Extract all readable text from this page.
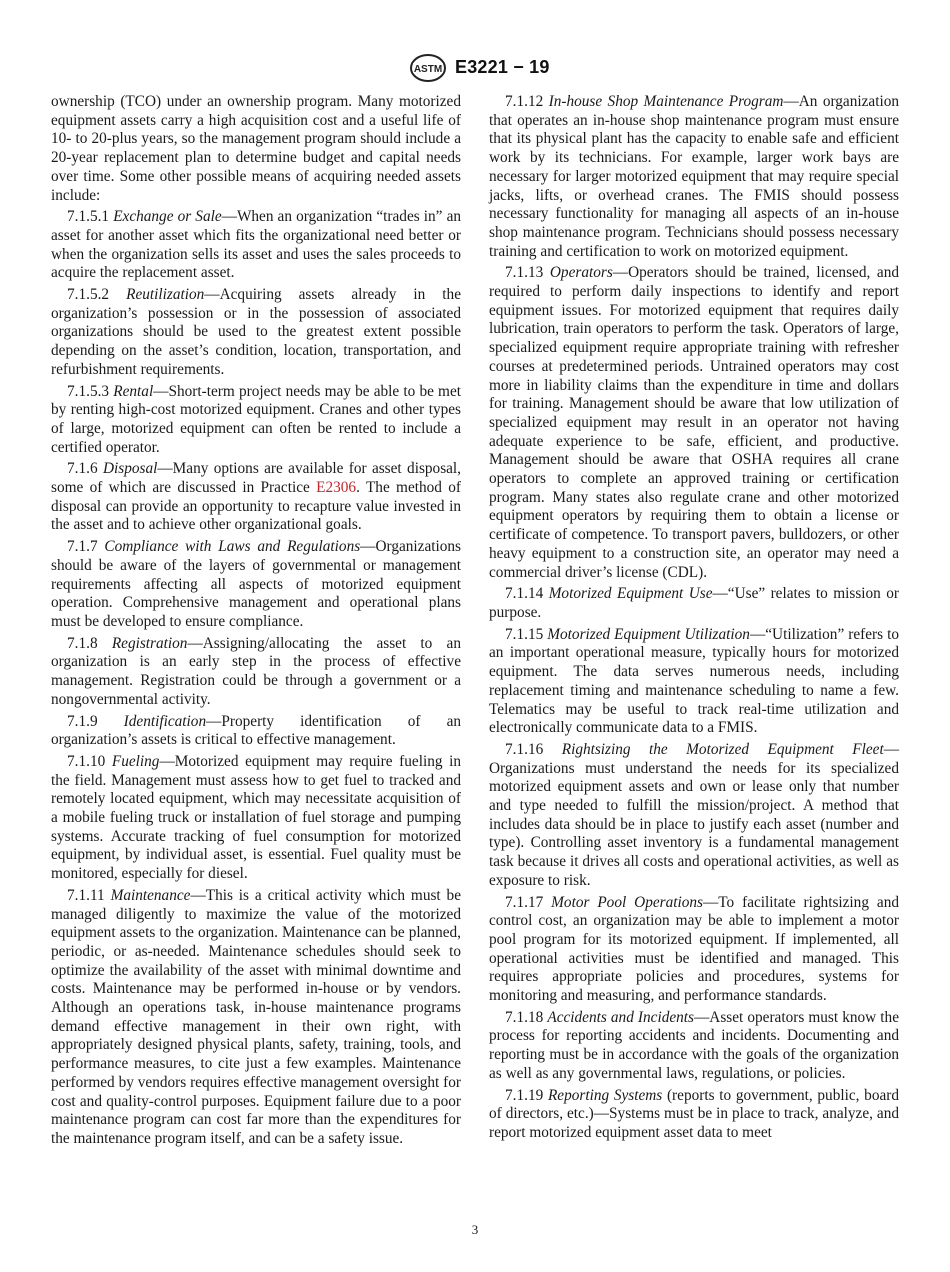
ASTM E3221 − 19

ownership (TCO) under an ownership program. Many motorized equipment assets carry a high acquisition cost and a useful life of 10- to 20-plus years, so the management program should include a 20-year replacement plan to determine budget and capital needs over time. Some other possible means of acquiring needed assets include:

7.1.5.1 Exchange or Sale—When an organization “trades in” an asset for another asset which fits the organizational need better or when the organization sells its asset and uses the sales proceeds to acquire the replacement asset.

7.1.5.2 Reutilization—Acquiring assets already in the organization’s possession or in the possession of associated organizations should be used to the greatest extent possible depending on the asset’s condition, location, transportation, and refurbishment requirements.

7.1.5.3 Rental—Short-term project needs may be able to be met by renting high-cost motorized equipment. Cranes and other types of large, motorized equipment can often be rented to include a certified operator.

7.1.6 Disposal—Many options are available for asset disposal, some of which are discussed in Practice E2306. The method of disposal can provide an opportunity to recapture value invested in the asset and to achieve other organizational goals.

7.1.7 Compliance with Laws and Regulations—Organizations should be aware of the layers of governmental or management requirements affecting all aspects of motorized equipment operation. Comprehensive management and operational plans must be developed to ensure compliance.

7.1.8 Registration—Assigning/allocating the asset to an organization is an early step in the process of effective management. Registration could be through a government or a nongovernmental activity.

7.1.9 Identification—Property identification of an organization’s assets is critical to effective management.

7.1.10 Fueling—Motorized equipment may require fueling in the field. Management must assess how to get fuel to tracked and remotely located equipment, which may necessitate acquisition of a mobile fueling truck or installation of fuel storage and pumping systems. Accurate tracking of fuel consumption for motorized equipment, by individual asset, is essential. Fuel quality must be monitored, especially for diesel.

7.1.11 Maintenance—This is a critical activity which must be managed diligently to maximize the value of the motorized equipment assets to the organization. Maintenance can be planned, periodic, or as-needed. Maintenance schedules should seek to optimize the availability of the asset with minimal downtime and costs. Maintenance may be performed in-house or by vendors. Although an operations task, in-house maintenance programs demand effective management in their own right, with appropriately designed physical plants, safety, training, tools, and performance measures, to cite just a few examples. Maintenance performed by vendors requires effective management oversight for cost and quality-control purposes. Equipment failure due to a poor maintenance program can cost far more than the expenditures for the maintenance program itself, and can be a safety issue.

7.1.12 In-house Shop Maintenance Program—An organization that operates an in-house shop maintenance program must ensure that its physical plant has the capacity to enable safe and efficient work by its technicians. For example, larger work bays are necessary for larger motorized equipment that may require special jacks, lifts, or overhead cranes. The FMIS should possess necessary functionality for managing all aspects of an in-house shop maintenance program. Technicians should possess necessary training and certification to work on motorized equipment.

7.1.13 Operators—Operators should be trained, licensed, and required to perform daily inspections to identify and report equipment issues. For motorized equipment that requires daily lubrication, train operators to perform the task. Operators of large, specialized equipment require appropriate training with refresher courses at predetermined periods. Untrained operators may cost more in liability claims than the expenditure in time and dollars for training. Management should be aware that low utilization of specialized equipment may result in an operator not having adequate experience to be safe, efficient, and productive. Management should be aware that OSHA requires all crane operators to complete an approved training or certification program. Many states also regulate crane and other motorized equipment operators by requiring them to obtain a license or certificate of competence. To transport pavers, bulldozers, or other heavy equipment to a construction site, an operator may need a commercial driver’s license (CDL).

7.1.14 Motorized Equipment Use—“Use” relates to mission or purpose.

7.1.15 Motorized Equipment Utilization—“Utilization” refers to an important operational measure, typically hours for motorized equipment. The data serves numerous needs, including replacement timing and maintenance scheduling to name a few. Telematics may be useful to track real-time utilization and electronically communicate data to a FMIS.

7.1.16 Rightsizing the Motorized Equipment Fleet—Organizations must understand the needs for its specialized motorized equipment assets and own or lease only that number and type needed to fulfill the mission/project. A method that includes data should be in place to justify each asset (number and type). Controlling asset inventory is a fundamental management task because it drives all costs and operational activities, as well as exposure to risk.

7.1.17 Motor Pool Operations—To facilitate rightsizing and control cost, an organization may be able to implement a motor pool program for its motorized equipment. If implemented, all operational activities must be identified and managed. This requires appropriate policies and procedures, systems for monitoring and measuring, and performance standards.

7.1.18 Accidents and Incidents—Asset operators must know the process for reporting accidents and incidents. Documenting and reporting must be in accordance with the goals of the organization as well as any governmental laws, regulations, or policies.

7.1.19 Reporting Systems (reports to government, public, board of directors, etc.)—Systems must be in place to track, analyze, and report motorized equipment asset data to meet

3
